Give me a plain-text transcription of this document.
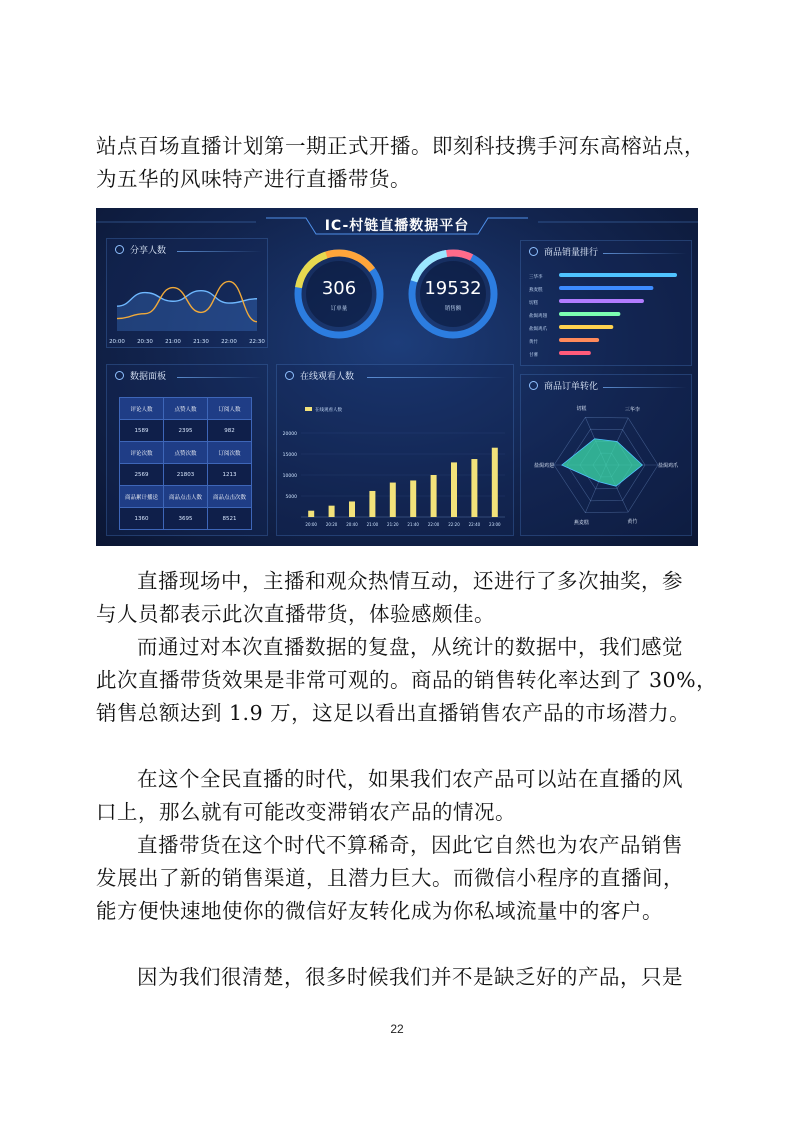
IC-村链直播数据平台
分享人数
20:00 20:30 21:00 21:30 22:00 22:30
306
订单量
19532
销售额
商品销量排行
三华李
燕麦糕
切糕
盐焗鸡翅
盐焗鸡爪
黄竹
甘薯
数据面板
评论人数	点赞人数	订阅人数
1589	2395	982
评论次数	点赞次数	订阅次数
2569	21803	1213
商品累计播送	商品点击人数	商品点击次数
1360	3695	8521
在线观看人数
在线观看人数
20000
15000
10000
5000
20:00 20:20 20:40 21:00 21:20 21:40 22:00 22:20 22:40 23:00
商品订单转化
切糕	三华李
盐焗鸡爪
黄竹
燕麦糕
盐焗鸡翅
22
站点百场直播计划第一期正式开播。即刻科技携手河东高榕站点，
为五华的风味特产进行直播带货。
直播现场中，主播和观众热情互动，还进行了多次抽奖，参
与人员都表示此次直播带货，体验感颇佳。
而通过对本次直播数据的复盘，从统计的数据中，我们感觉
此次直播带货效果是非常可观的。商品的销售转化率达到了 30%，
销售总额达到 1.9 万，这足以看出直播销售农产品的市场潜力。
在这个全民直播的时代，如果我们农产品可以站在直播的风
口上，那么就有可能改变滞销农产品的情况。
直播带货在这个时代不算稀奇，因此它自然也为农产品销售
发展出了新的销售渠道，且潜力巨大。而微信小程序的直播间，
能方便快速地使你的微信好友转化成为你私域流量中的客户。
因为我们很清楚，很多时候我们并不是缺乏好的产品，只是
